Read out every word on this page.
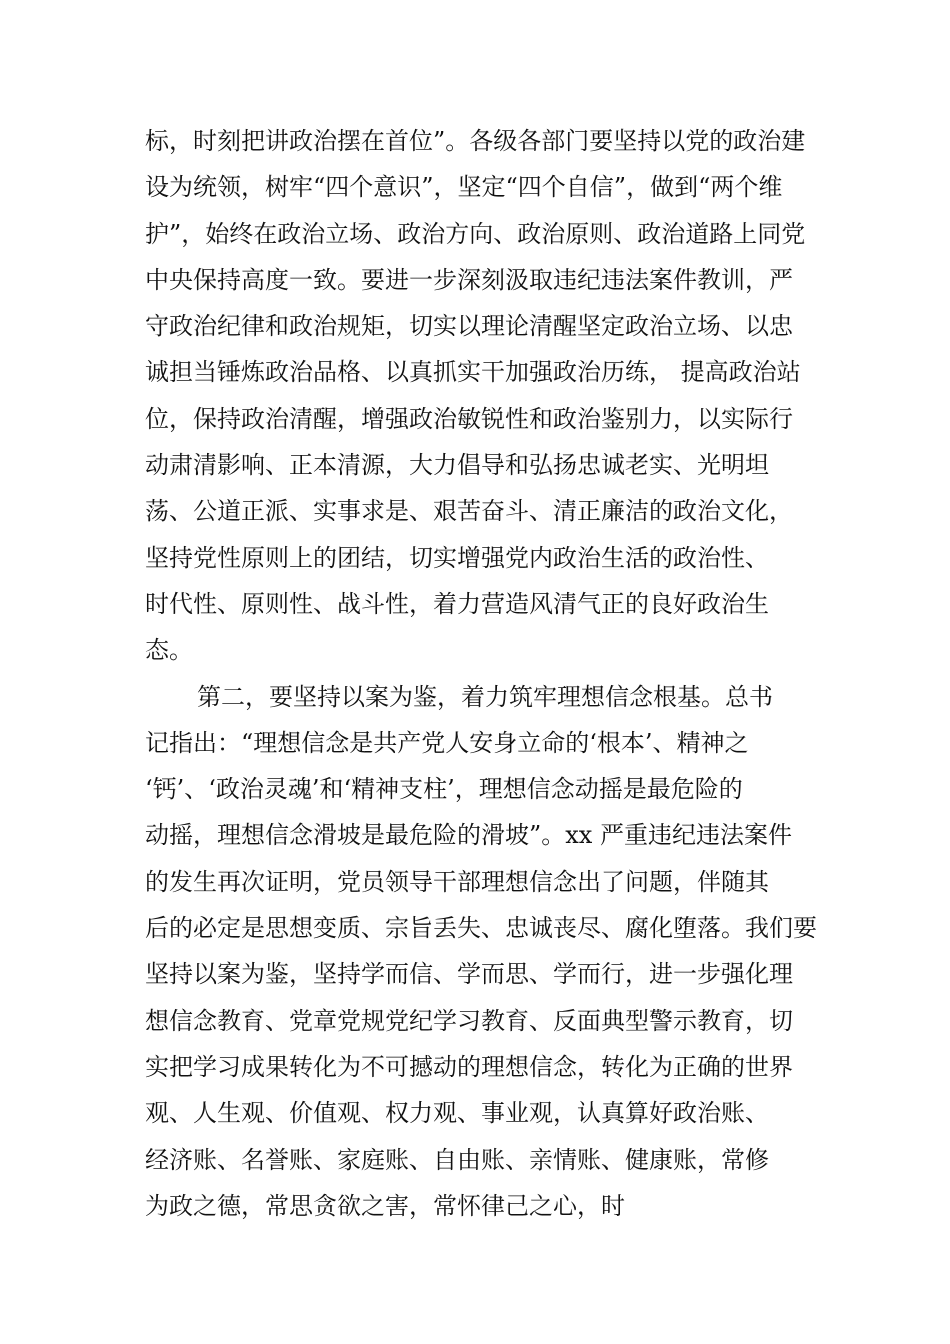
标，时刻把讲政治摆在首位”。各级各部门要坚持以党的政治建
设为统领，树牢“四个意识”，坚定“四个自信”，做到“两个维
护”，始终在政治立场、政治方向、政治原则、政治道路上同党
中央保持高度一致。要进一步深刻汲取违纪违法案件教训，严
守政治纪律和政治规矩，切实以理论清醒坚定政治立场、以忠
诚担当锤炼政治品格、以真抓实干加强政治历练， 提高政治站
位，保持政治清醒，增强政治敏锐性和政治鉴别力，以实际行
动肃清影响、正本清源，大力倡导和弘扬忠诚老实、光明坦
荡、公道正派、实事求是、艰苦奋斗、清正廉洁的政治文化，
坚持党性原则上的团结，切实增强党内政治生活的政治性、
时代性、原则性、战斗性，着力营造风清气正的良好政治生
态。
第二，要坚持以案为鉴，着力筑牢理想信念根基。总书
记指出：“理想信念是共产党人安身立命的‘根本’、精神之
‘钙’、‘政治灵魂’和‘精神支柱’，理想信念动摇是最危险的
动摇，理想信念滑坡是最危险的滑坡”。xx 严重违纪违法案件
的发生再次证明，党员领导干部理想信念出了问题，伴随其
后的必定是思想变质、宗旨丢失、忠诚丧尽、腐化堕落。我们要
坚持以案为鉴，坚持学而信、学而思、学而行，进一步强化理
想信念教育、党章党规党纪学习教育、反面典型警示教育，切
实把学习成果转化为不可撼动的理想信念，转化为正确的世界
观、人生观、价值观、权力观、事业观，认真算好政治账、
经济账、名誉账、家庭账、自由账、亲情账、健康账，常修
为政之德，常思贪欲之害，常怀律己之心，时
